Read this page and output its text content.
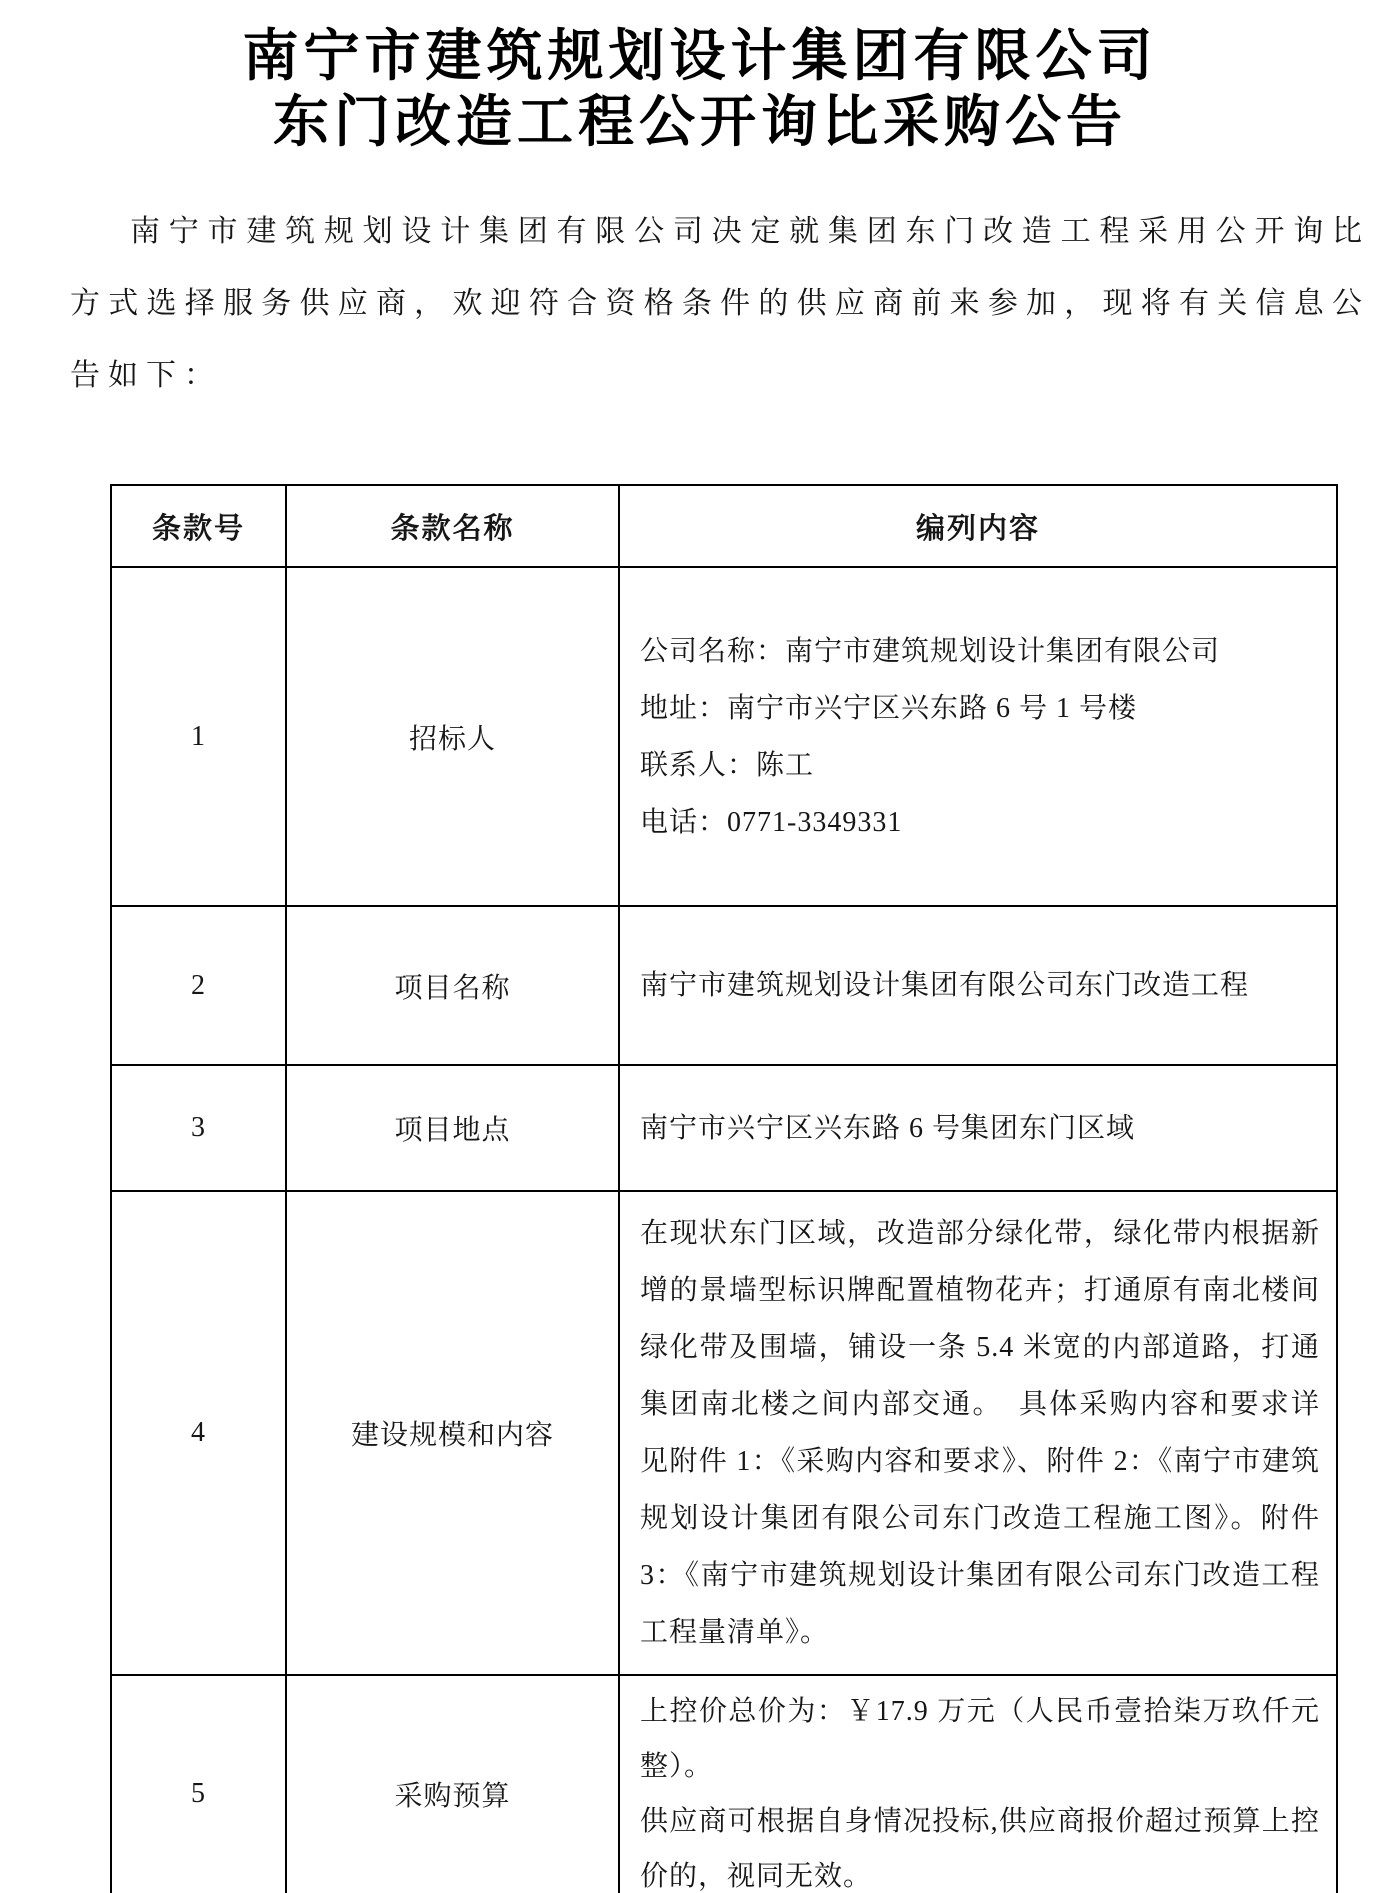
南宁市建筑规划设计集团有限公司
东门改造工程公开询比采购公告

南宁市建筑规划设计集团有限公司决定就集团东门改造工程采用公开询比方式选择服务供应商，欢迎符合资格条件的供应商前来参加，现将有关信息公告如下：

条款号	条款名称	编列内容
1	招标人	公司名称：南宁市建筑规划设计集团有限公司
地址：南宁市兴宁区兴东路 6 号 1 号楼
联系人：陈工
电话：0771-3349331

2	项目名称	南宁市建筑规划设计集团有限公司东门改造工程

3	项目地点	南宁市兴宁区兴东路 6 号集团东门区域

4	建设规模和内容	在现状东门区域，改造部分绿化带，绿化带内根据新增的景墙型标识牌配置植物花卉；打通原有南北楼间绿化带及围墙，铺设一条 5.4 米宽的内部道路，打通集团南北楼之间内部交通。　具体采购内容和要求详见附件 1：《采购内容和要求》、附件 2：《南宁市建筑规划设计集团有限公司东门改造工程施工图》。附件 3：《南宁市建筑规划设计集团有限公司东门改造工程工程量清单》。

5	采购预算	上控价总价为：￥17.9 万元（人民币壹拾柒万玖仟元整）。
供应商可根据自身情况投标,供应商报价超过预算上控价的，视同无效。
